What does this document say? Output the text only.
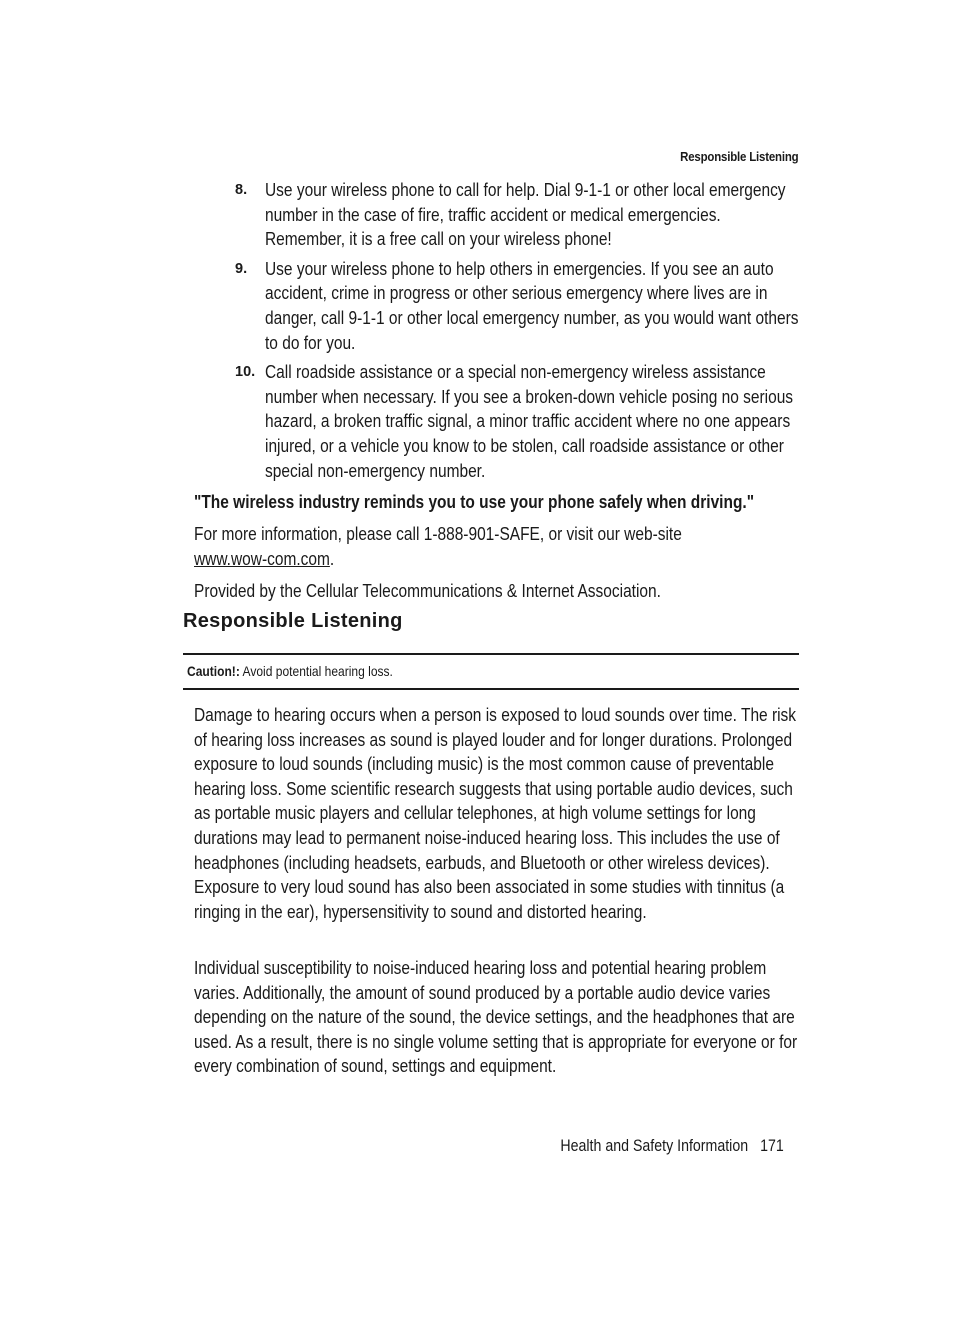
Responsible Listening
8. Use your wireless phone to call for help. Dial 9-1-1 or other local emergency number in the case of fire, traffic accident or medical emergencies. Remember, it is a free call on your wireless phone!
9. Use your wireless phone to help others in emergencies. If you see an auto accident, crime in progress or other serious emergency where lives are in danger, call 9-1-1 or other local emergency number, as you would want others to do for you.
10. Call roadside assistance or a special non-emergency wireless assistance number when necessary. If you see a broken-down vehicle posing no serious hazard, a broken traffic signal, a minor traffic accident where no one appears injured, or a vehicle you know to be stolen, call roadside assistance or other special non-emergency number.

"The wireless industry reminds you to use your phone safely when driving."

For more information, please call 1-888-901-SAFE, or visit our web-site
www.wow-com.com.

Provided by the Cellular Telecommunications & Internet Association.

Responsible Listening
Caution!: Avoid potential hearing loss.

Damage to hearing occurs when a person is exposed to loud sounds over time. The risk of hearing loss increases as sound is played louder and for longer durations. Prolonged exposure to loud sounds (including music) is the most common cause of preventable hearing loss. Some scientific research suggests that using portable audio devices, such as portable music players and cellular telephones, at high volume settings for long durations may lead to permanent noise-induced hearing loss. This includes the use of headphones (including headsets, earbuds, and Bluetooth or other wireless devices). Exposure to very loud sound has also been associated in some studies with tinnitus (a ringing in the ear), hypersensitivity to sound and distorted hearing.

Individual susceptibility to noise-induced hearing loss and potential hearing problem varies. Additionally, the amount of sound produced by a portable audio device varies depending on the nature of the sound, the device settings, and the headphones that are used. As a result, there is no single volume setting that is appropriate for everyone or for every combination of sound, settings and equipment.

Health and Safety Information 171
